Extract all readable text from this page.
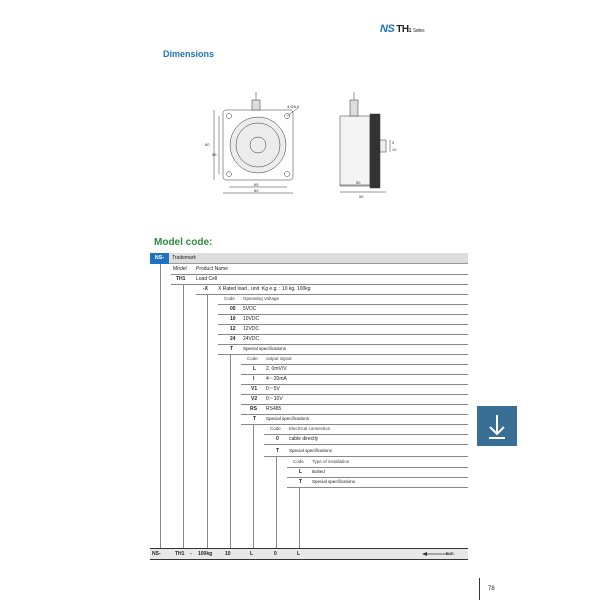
NS TH1 Series
Dimensions
4-Φ6.5
80
65
65
80
50
55
5
10
Model code:
NS-	Trademark
Model Product Name
TH1 Load Cell
-X X Rated load , unit :Kg e.g. : 10 kg, 100kg
Code Operating Voltage
05 5VDC
10 10VDC
12 12VDC
24 24VDC
T Special specifications
Code output signal
L 2. 0mV/V
I 4～20mA
V1 0～5V
V2 0～10V
RS RS485
T Special specifications
Code Electrical connection
0 cable directly
T Special specifications
Code Type of installation
L Bolted
T Special specifications
NS-	TH1 - 100kg	10	L	0	L	E.G.
78
